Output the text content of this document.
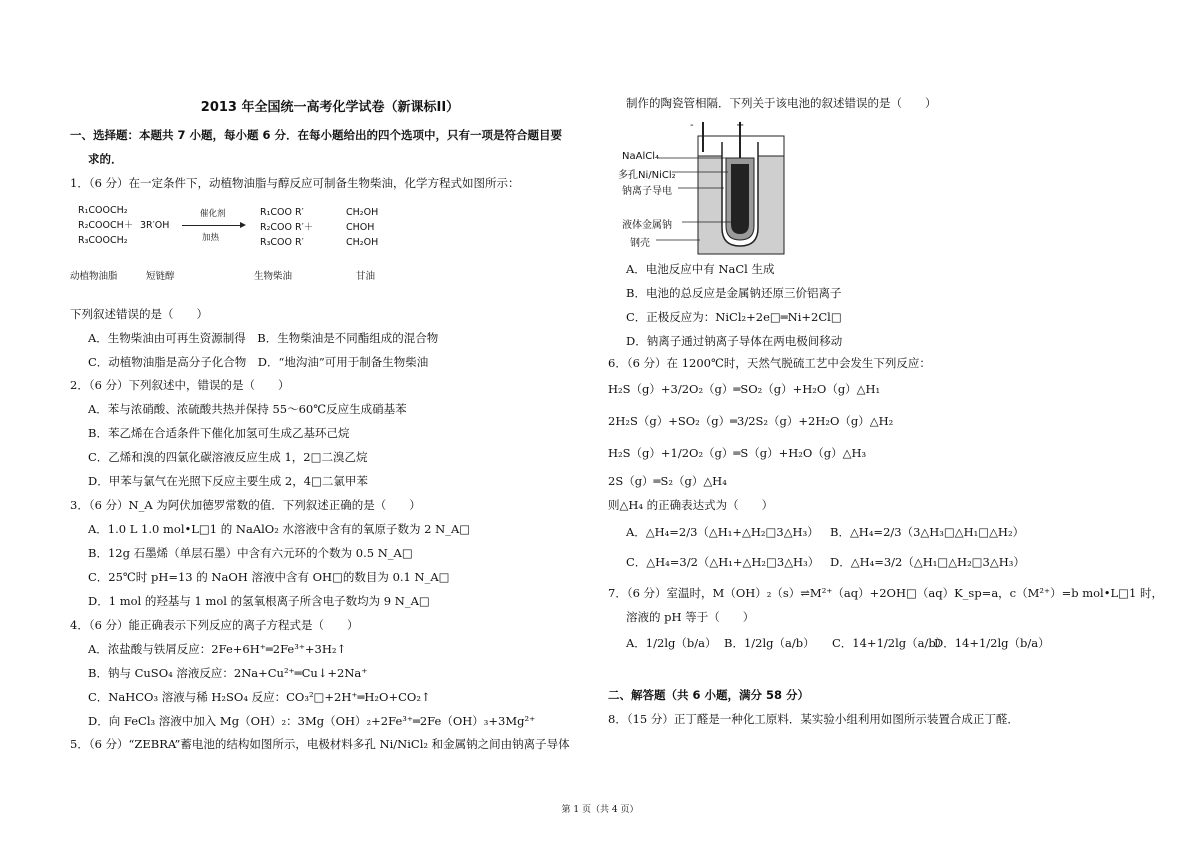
2013 年全国统一高考化学试卷（新课标II）
一、选择题：本题共 7 小题，每小题 6 分．在每小题给出的四个选项中，只有一项是符合题目要
求的．
1．（6 分）在一定条件下，动植物油脂与醇反应可制备生物柴油，化学方程式如图所示：
R₁COOCH₂
R₂COOCH＋
R₃COOCH₂
3R′OH
催化剂
加热
R₁COO R′
R₂COO R′＋
R₃COO R′
CH₂OH
CHOH
CH₂OH
动植物油脂	短链醇	生物柴油	甘油
下列叙述错误的是（　　）
A．生物柴油由可再生资源制得　B．生物柴油是不同酯组成的混合物
C．动植物油脂是高分子化合物　D．“地沟油”可用于制备生物柴油
2．（6 分）下列叙述中，错误的是（　　）
A．苯与浓硝酸、浓硫酸共热并保持 55～60℃反应生成硝基苯
B．苯乙烯在合适条件下催化加氢可生成乙基环己烷
C．乙烯和溴的四氯化碳溶液反应生成 1，2□二溴乙烷
D．甲苯与氯气在光照下反应主要生成 2，4□二氯甲苯
3．（6 分）N_A 为阿伏加德罗常数的值．下列叙述正确的是（　　）
A．1.0 L 1.0 mol•L□1 的 NaAlO₂ 水溶液中含有的氧原子数为 2 N_A□
B．12g 石墨烯（单层石墨）中含有六元环的个数为 0.5 N_A□
C．25℃时 pH=13 的 NaOH 溶液中含有 OH□的数目为 0.1 N_A□
D．1 mol 的羟基与 1 mol 的氢氧根离子所含电子数均为 9 N_A□
4．（6 分）能正确表示下列反应的离子方程式是（　　）
A．浓盐酸与铁屑反应：2Fe+6H⁺═2Fe³⁺+3H₂↑
B．钠与 CuSO₄ 溶液反应：2Na+Cu²⁺═Cu↓+2Na⁺
C．NaHCO₃ 溶液与稀 H₂SO₄ 反应：CO₃²□+2H⁺═H₂O+CO₂↑
D．向 FeCl₃ 溶液中加入 Mg（OH）₂：3Mg（OH）₂+2Fe³⁺═2Fe（OH）₃+3Mg²⁺
5．（6 分）“ZEBRA”蓄电池的结构如图所示，电极材料多孔 Ni/NiCl₂ 和金属钠之间由钠离子导体
制作的陶瓷管相隔．下列关于该电池的叙述错误的是（　　）
-	+
NaAlCl₄
多孔Ni/NiCl₂
钠离子导电
液体金属钠
钢壳
A．电池反应中有 NaCl 生成
B．电池的总反应是金属钠还原三价铝离子
C．正极反应为：NiCl₂+2e□═Ni+2Cl□
D．钠离子通过钠离子导体在两电极间移动
6．（6 分）在 1200℃时，天然气脱硫工艺中会发生下列反应：
H₂S（g）+3/2O₂（g）═SO₂（g）+H₂O（g）△H₁
2H₂S（g）+SO₂（g）═3/2S₂（g）+2H₂O（g）△H₂
H₂S（g）+1/2O₂（g）═S（g）+H₂O（g）△H₃
2S（g）═S₂（g）△H₄
则△H₄ 的正确表达式为（　　）
A．△H₄=2/3（△H₁+△H₂□3△H₃） B．△H₄=2/3（3△H₃□△H₁□△H₂）
C．△H₄=3/2（△H₁+△H₂□3△H₃） D．△H₄=3/2（△H₁□△H₂□3△H₃）
7．（6 分）室温时，M（OH）₂（s）⇌M²⁺（aq）+2OH□（aq）K_sp=a，c（M²⁺）=b mol•L□1 时，
溶液的 pH 等于（　　）
A．1/2lg（b/a） B．1/2lg（a/b） C．14+1/2lg（a/b）
D．14+1/2lg（b/a）
二、解答题（共 6 小题，满分 58 分）
8．（15 分）正丁醛是一种化工原料．某实验小组利用如图所示装置合成正丁醛．
第 1 页（共 4 页）
